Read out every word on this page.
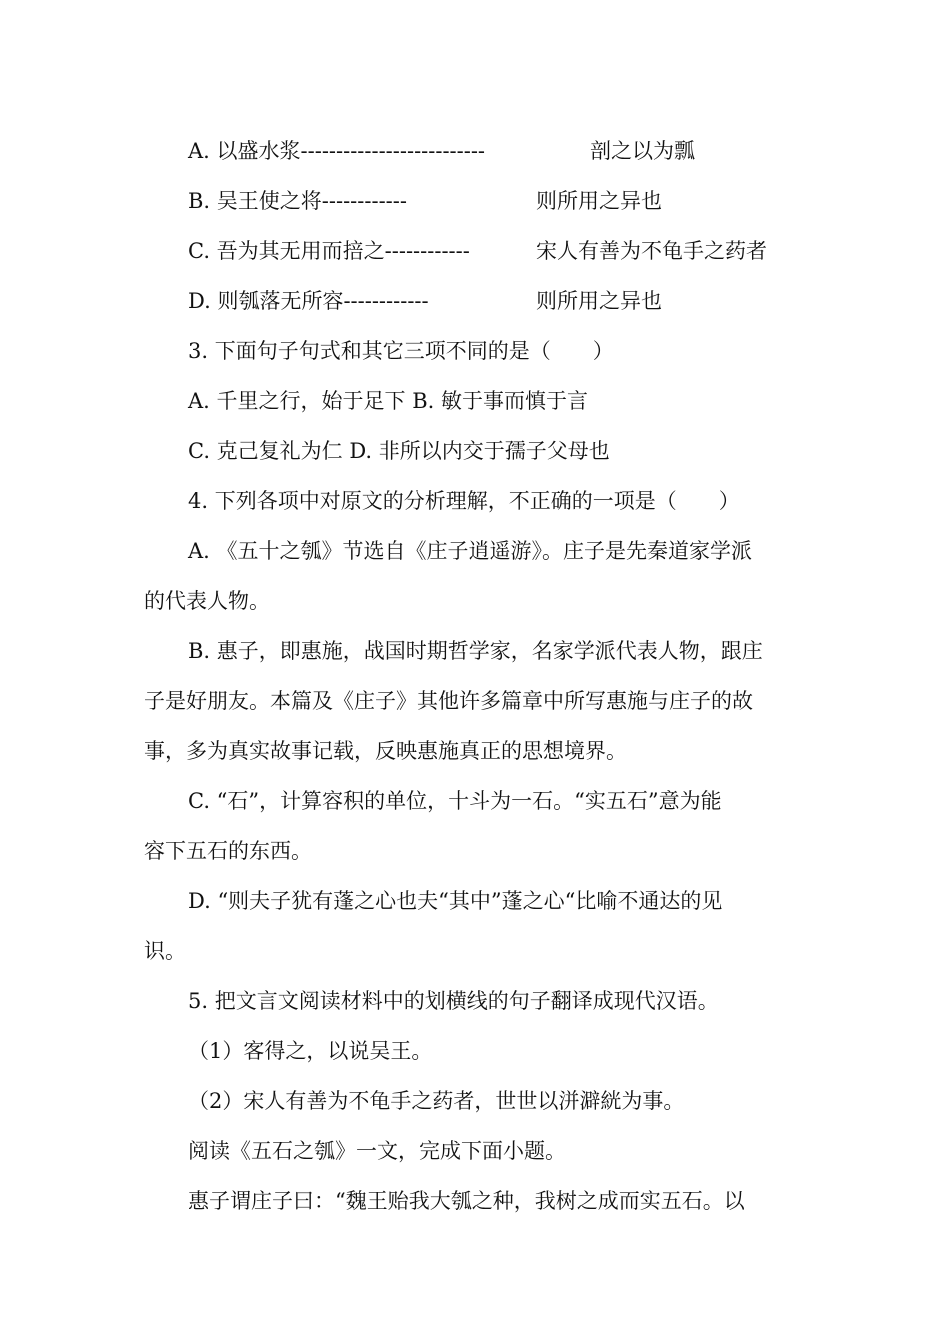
A. 以盛水浆--------------------------	剖之以为瓢
B. 吴王使之将------------	则所用之异也
C. 吾为其无用而掊之------------	宋人有善为不龟手之药者
D. 则瓠落无所容------------	则所用之异也
3. 下面句子句式和其它三项不同的是（　　）
A. 千里之行，始于足下 B. 敏于事而慎于言
C. 克己复礼为仁 D. 非所以内交于孺子父母也
4. 下列各项中对原文的分析理解，不正确的一项是（　　）
A. 《五十之瓠》节选自《庄子逍遥游》。庄子是先秦道家学派
的代表人物。
B. 惠子，即惠施，战国时期哲学家，名家学派代表人物，跟庄
子是好朋友。本篇及《庄子》其他许多篇章中所写惠施与庄子的故
事，多为真实故事记载，反映惠施真正的思想境界。
C. “石”，计算容积的单位，十斗为一石。“实五石”意为能
容下五石的东西。
D. “则夫子犹有蓬之心也夫“其中”蓬之心“比喻不通达的见
识。
5. 把文言文阅读材料中的划横线的句子翻译成现代汉语。
（1）客得之，以说吴王。
（2）宋人有善为不龟手之药者，世世以洴澼絖为事。
阅读《五石之瓠》一文，完成下面小题。
惠子谓庄子曰：“魏王贻我大瓠之种，我树之成而实五石。以
